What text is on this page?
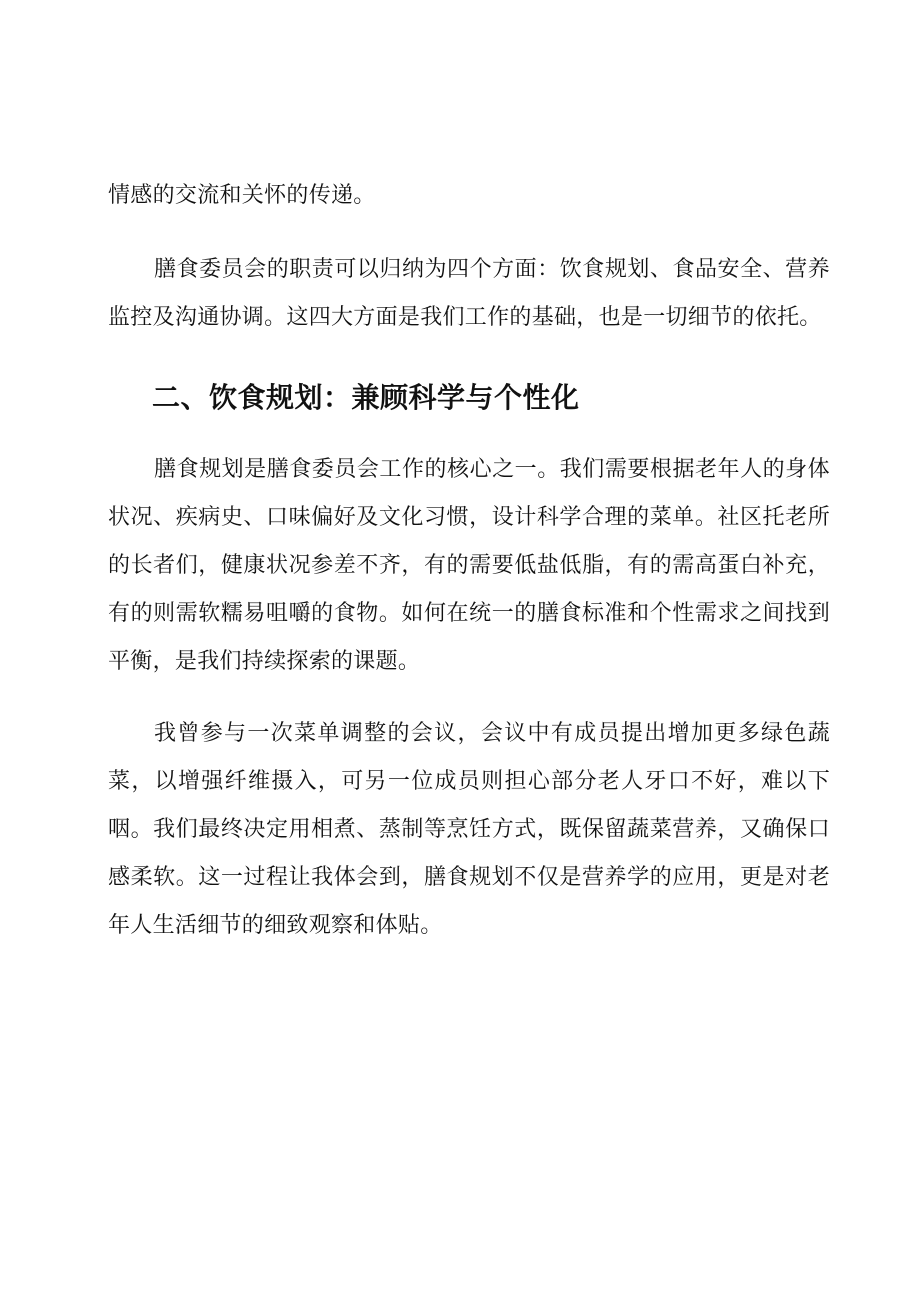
情感的交流和关怀的传递。

膳食委员会的职责可以归纳为四个方面：饮食规划、食品安全、营养监控及沟通协调。这四大方面是我们工作的基础，也是一切细节的依托。

二、饮食规划：兼顾科学与个性化

膳食规划是膳食委员会工作的核心之一。我们需要根据老年人的身体状况、疾病史、口味偏好及文化习惯，设计科学合理的菜单。社区托老所的长者们，健康状况参差不齐，有的需要低盐低脂，有的需高蛋白补充，有的则需软糯易咀嚼的食物。如何在统一的膳食标准和个性需求之间找到平衡，是我们持续探索的课题。

我曾参与一次菜单调整的会议，会议中有成员提出增加更多绿色蔬菜，以增强纤维摄入，可另一位成员则担心部分老人牙口不好，难以下咽。我们最终决定用相煮、蒸制等烹饪方式，既保留蔬菜营养，又确保口感柔软。这一过程让我体会到，膳食规划不仅是营养学的应用，更是对老年人生活细节的细致观察和体贴。
